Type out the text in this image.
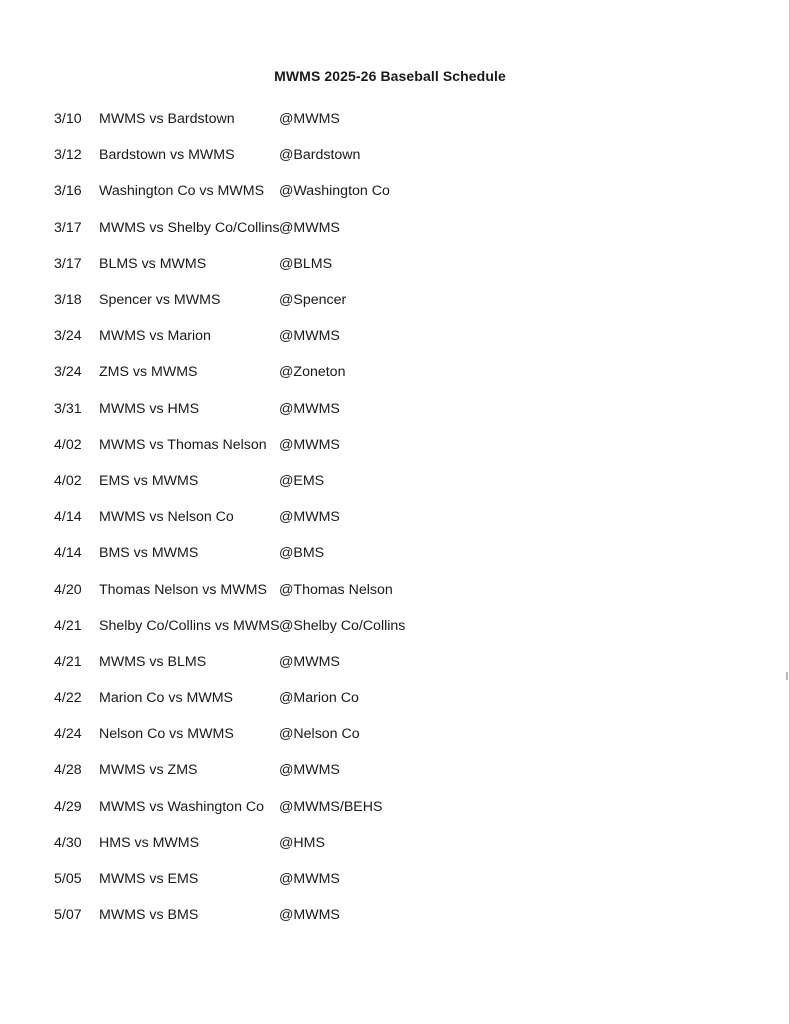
MWMS 2025-26 Baseball Schedule
3/10	MWMS vs Bardstown	@MWMS
3/12	Bardstown vs MWMS	@Bardstown
3/16	Washington Co vs MWMS	@Washington Co
3/17	MWMS vs Shelby Co/Collins @MWMS
3/17	BLMS vs MWMS	@BLMS
3/18	Spencer vs MWMS	@Spencer
3/24	MWMS vs Marion	@MWMS
3/24	ZMS vs MWMS	@Zoneton
3/31	MWMS vs HMS	@MWMS
4/02	MWMS vs Thomas Nelson @MWMS
4/02	EMS vs MWMS	@EMS
4/14	MWMS vs Nelson Co	@MWMS
4/14	BMS vs MWMS	@BMS
4/20	Thomas Nelson vs MWMS @Thomas Nelson
4/21	Shelby Co/Collins vs MWMS @Shelby Co/Collins
4/21	MWMS vs BLMS	@MWMS
4/22	Marion Co vs MWMS	@Marion Co
4/24	Nelson Co vs MWMS	@Nelson Co
4/28	MWMS vs ZMS	@MWMS
4/29	MWMS vs Washington Co	@MWMS/BEHS
4/30	HMS vs MWMS	@HMS
5/05	MWMS vs EMS	@MWMS
5/07	MWMS vs BMS	@MWMS
